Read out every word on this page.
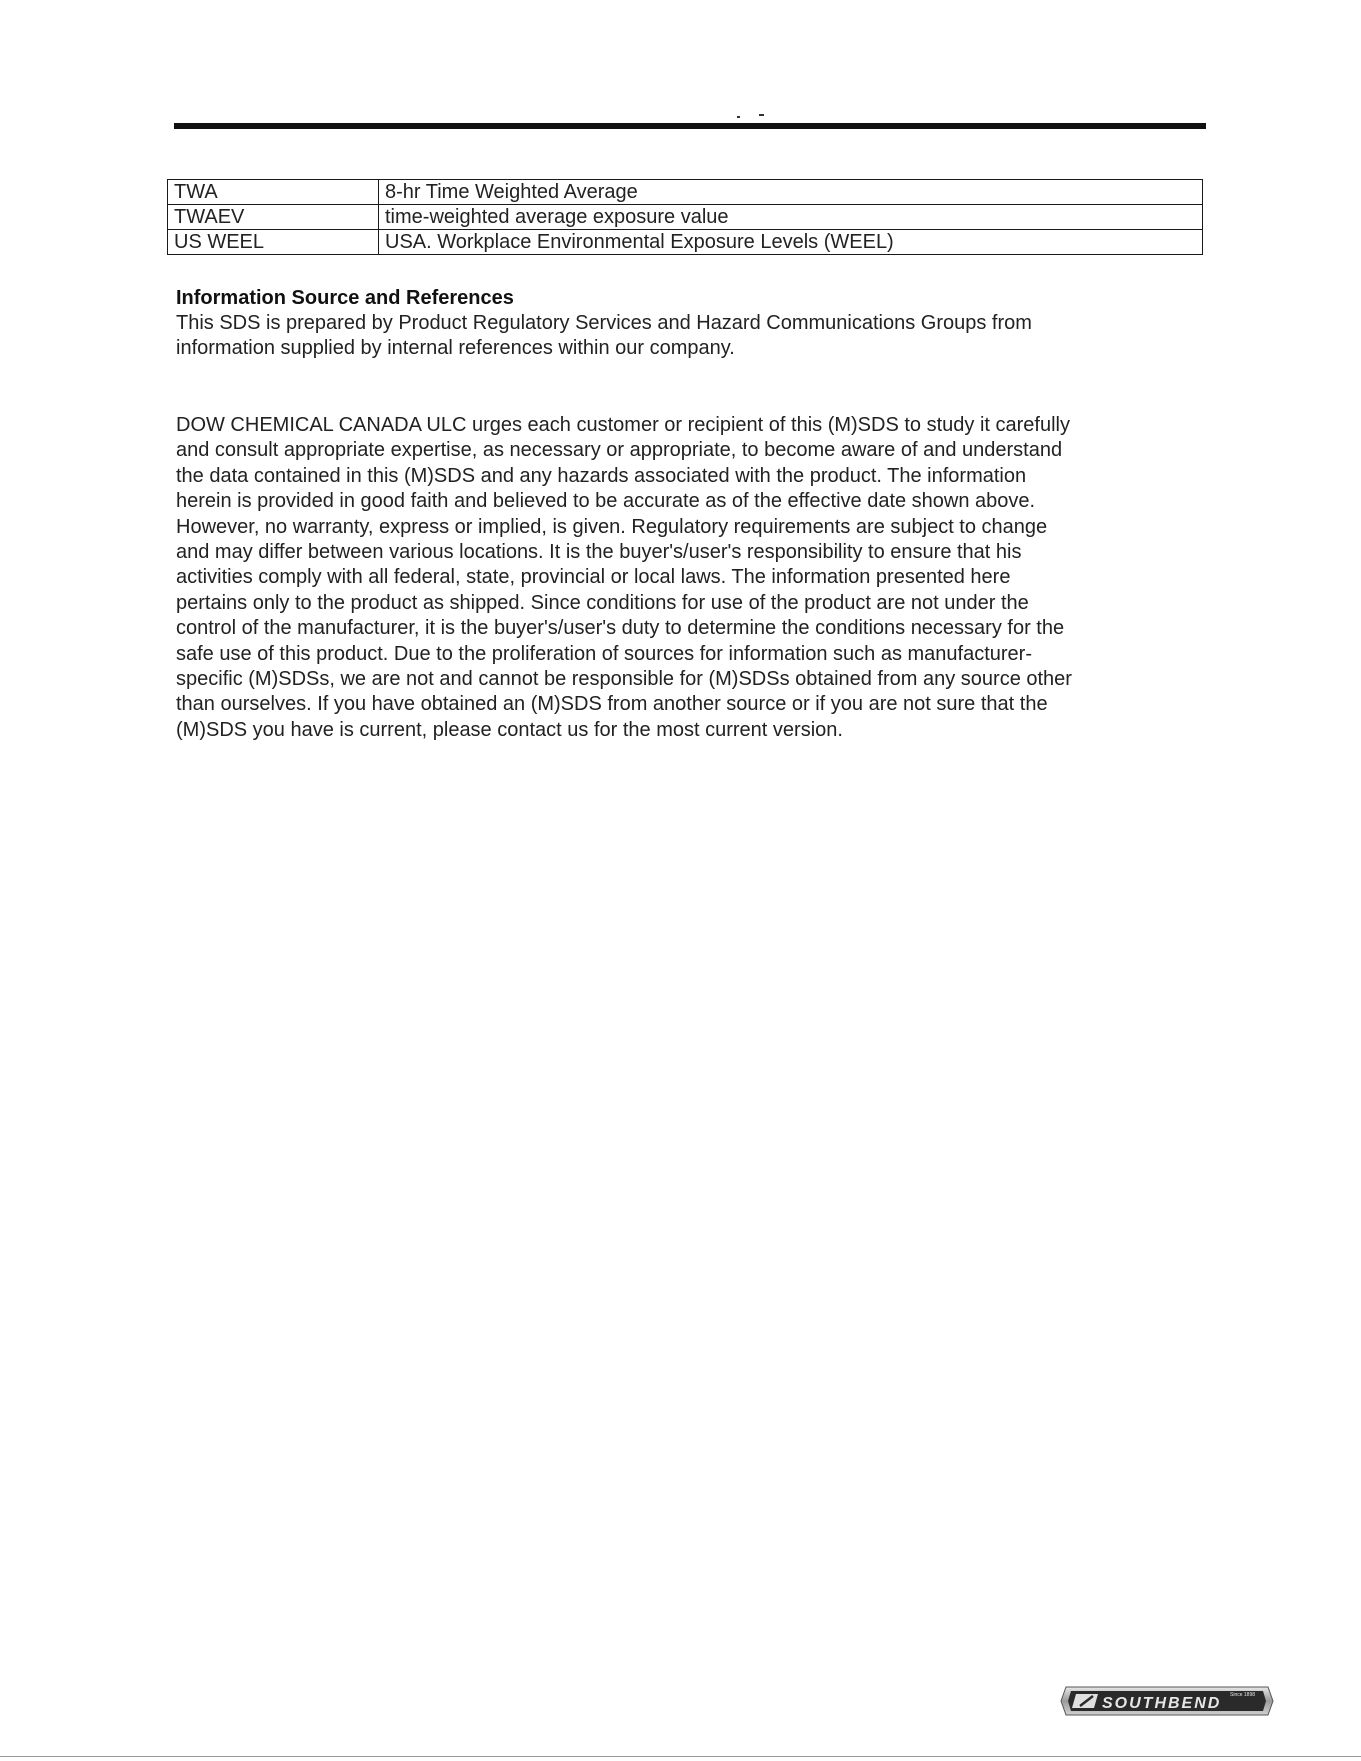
TWA	8-hr Time Weighted Average
TWAEV	time-weighted average exposure value
US WEEL	USA. Workplace Environmental Exposure Levels (WEEL)
Information Source and References
This SDS is prepared by Product Regulatory Services and Hazard Communications Groups from
information supplied by internal references within our company.
DOW CHEMICAL CANADA ULC urges each customer or recipient of this (M)SDS to study it carefully
and consult appropriate expertise, as necessary or appropriate, to become aware of and understand
the data contained in this (M)SDS and any hazards associated with the product. The information
herein is provided in good faith and believed to be accurate as of the effective date shown above.
However, no warranty, express or implied, is given. Regulatory requirements are subject to change
and may differ between various locations. It is the buyer's/user's responsibility to ensure that his
activities comply with all federal, state, provincial or local laws. The information presented here
pertains only to the product as shipped. Since conditions for use of the product are not under the
control of the manufacturer, it is the buyer's/user's duty to determine the conditions necessary for the
safe use of this product. Due to the proliferation of sources for information such as manufacturer-
specific (M)SDSs, we are not and cannot be responsible for (M)SDSs obtained from any source other
than ourselves. If you have obtained an (M)SDS from another source or if you are not sure that the
(M)SDS you have is current, please contact us for the most current version.
SOUTHBEND Since 1898
